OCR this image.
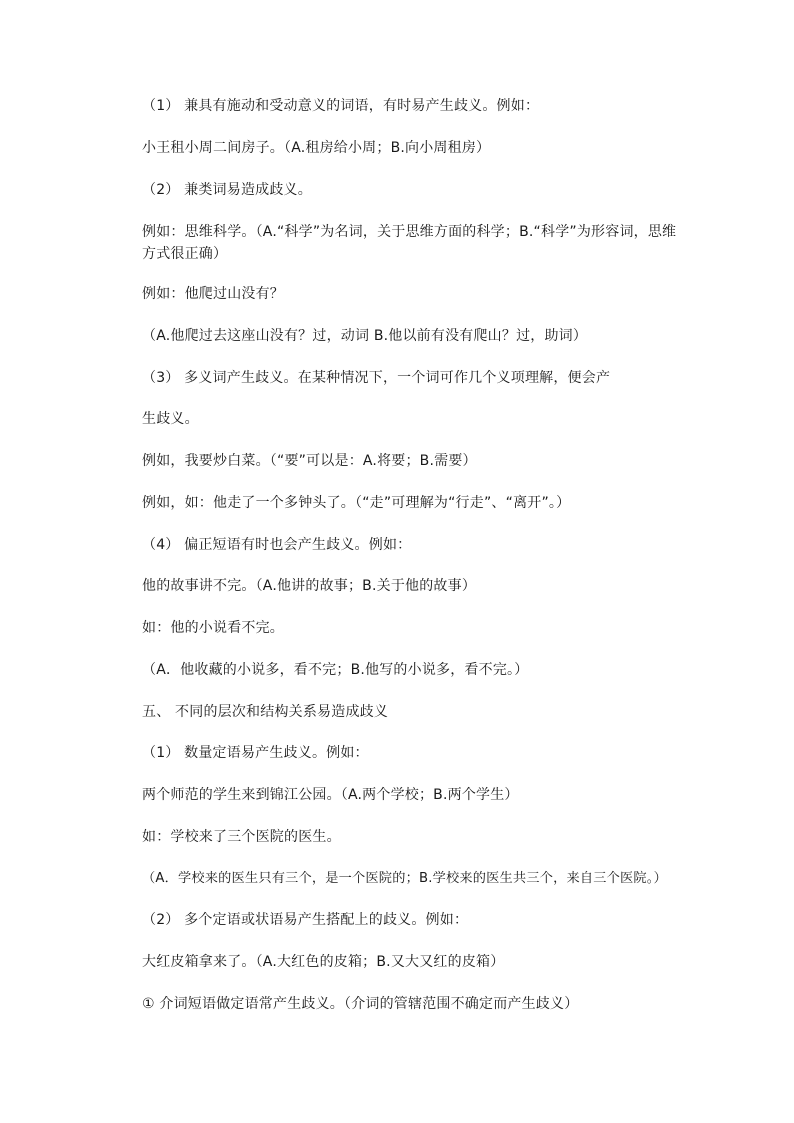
（1） 兼具有施动和受动意义的词语，有时易产生歧义。例如：
小王租小周二间房子。（A.租房给小周；B.向小周租房）
（2） 兼类词易造成歧义。
例如：思维科学。（A.“科学”为名词，关于思维方面的科学；B.“科学”为形容词，思维方式很正确）
例如：他爬过山没有？
（A.他爬过去这座山没有？过，动词 B.他以前有没有爬山？过，助词）
（3） 多义词产生歧义。在某种情况下，一个词可作几个义项理解，便会产
生歧义。
例如，我要炒白菜。（“要”可以是：A.将要；B.需要）
例如，如：他走了一个多钟头了。（“走”可理解为“行走”、“离开”。）
（4） 偏正短语有时也会产生歧义。例如：
他的故事讲不完。（A.他讲的故事；B.关于他的故事）
如：他的小说看不完。
（A．他收藏的小说多，看不完；B.他写的小说多，看不完。）
五、 不同的层次和结构关系易造成歧义
（1） 数量定语易产生歧义。例如：
两个师范的学生来到锦江公园。（A.两个学校；B.两个学生）
如：学校来了三个医院的医生。
（A．学校来的医生只有三个，是一个医院的；B.学校来的医生共三个，来自三个医院。）
（2） 多个定语或状语易产生搭配上的歧义。例如：
大红皮箱拿来了。（A.大红色的皮箱；B.又大又红的皮箱）
① 介词短语做定语常产生歧义。（介词的管辖范围不确定而产生歧义）
